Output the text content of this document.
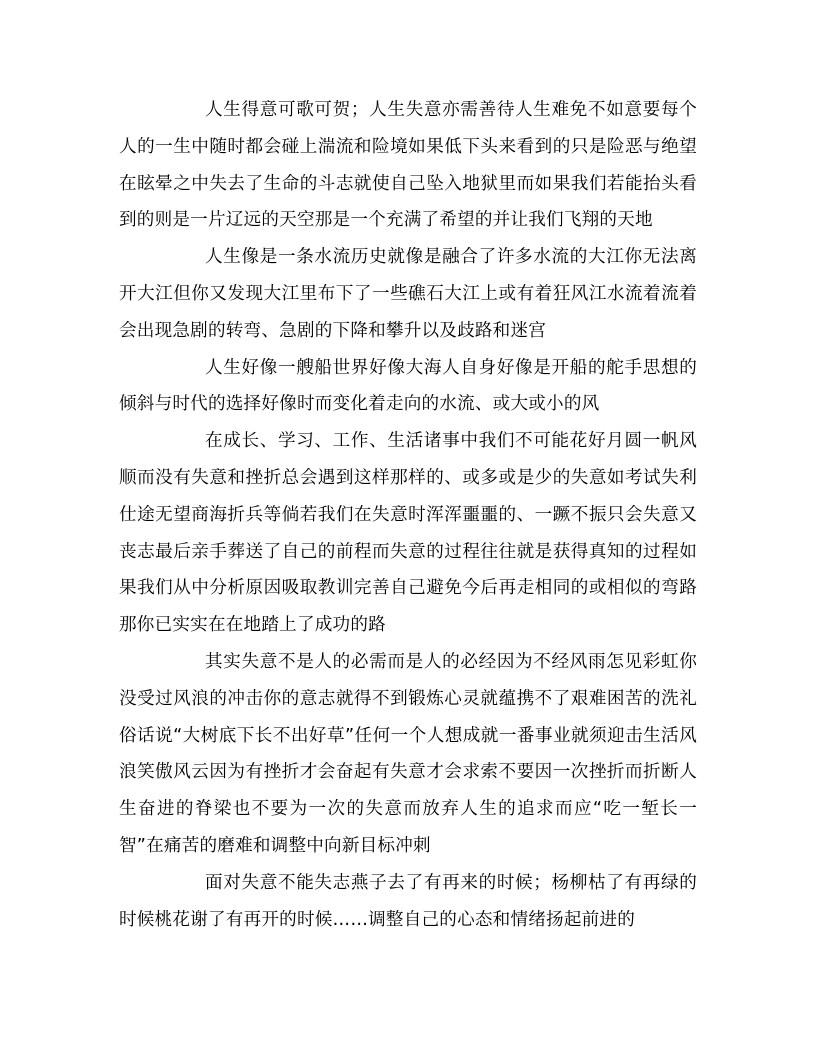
人生得意可歌可贺；人生失意亦需善待人生难免不如意要每个人的一生中随时都会碰上湍流和险境如果低下头来看到的只是险恶与绝望在眩晕之中失去了生命的斗志就使自己坠入地狱里而如果我们若能抬头看到的则是一片辽远的天空那是一个充满了希望的并让我们飞翔的天地

人生像是一条水流历史就像是融合了许多水流的大江你无法离开大江但你又发现大江里布下了一些礁石大江上或有着狂风江水流着流着会出现急剧的转弯、急剧的下降和攀升以及歧路和迷宫

人生好像一艘船世界好像大海人自身好像是开船的舵手思想的倾斜与时代的选择好像时而变化着走向的水流、或大或小的风

在成长、学习、工作、生活诸事中我们不可能花好月圆一帆风顺而没有失意和挫折总会遇到这样那样的、或多或是少的失意如考试失利仕途无望商海折兵等倘若我们在失意时浑浑噩噩的、一蹶不振只会失意又丧志最后亲手葬送了自己的前程而失意的过程往往就是获得真知的过程如果我们从中分析原因吸取教训完善自己避免今后再走相同的或相似的弯路那你已实实在在地踏上了成功的路

其实失意不是人的必需而是人的必经因为不经风雨怎见彩虹你没受过风浪的冲击你的意志就得不到锻炼心灵就蕴携不了艰难困苦的洗礼俗话说“大树底下长不出好草”任何一个人想成就一番事业就须迎击生活风浪笑傲风云因为有挫折才会奋起有失意才会求索不要因一次挫折而折断人生奋进的脊梁也不要为一次的失意而放弃人生的追求而应“吃一堑长一智”在痛苦的磨难和调整中向新目标冲刺

面对失意不能失志燕子去了有再来的时候；杨柳枯了有再绿的时候桃花谢了有再开的时候……调整自己的心态和情绪扬起前进的
